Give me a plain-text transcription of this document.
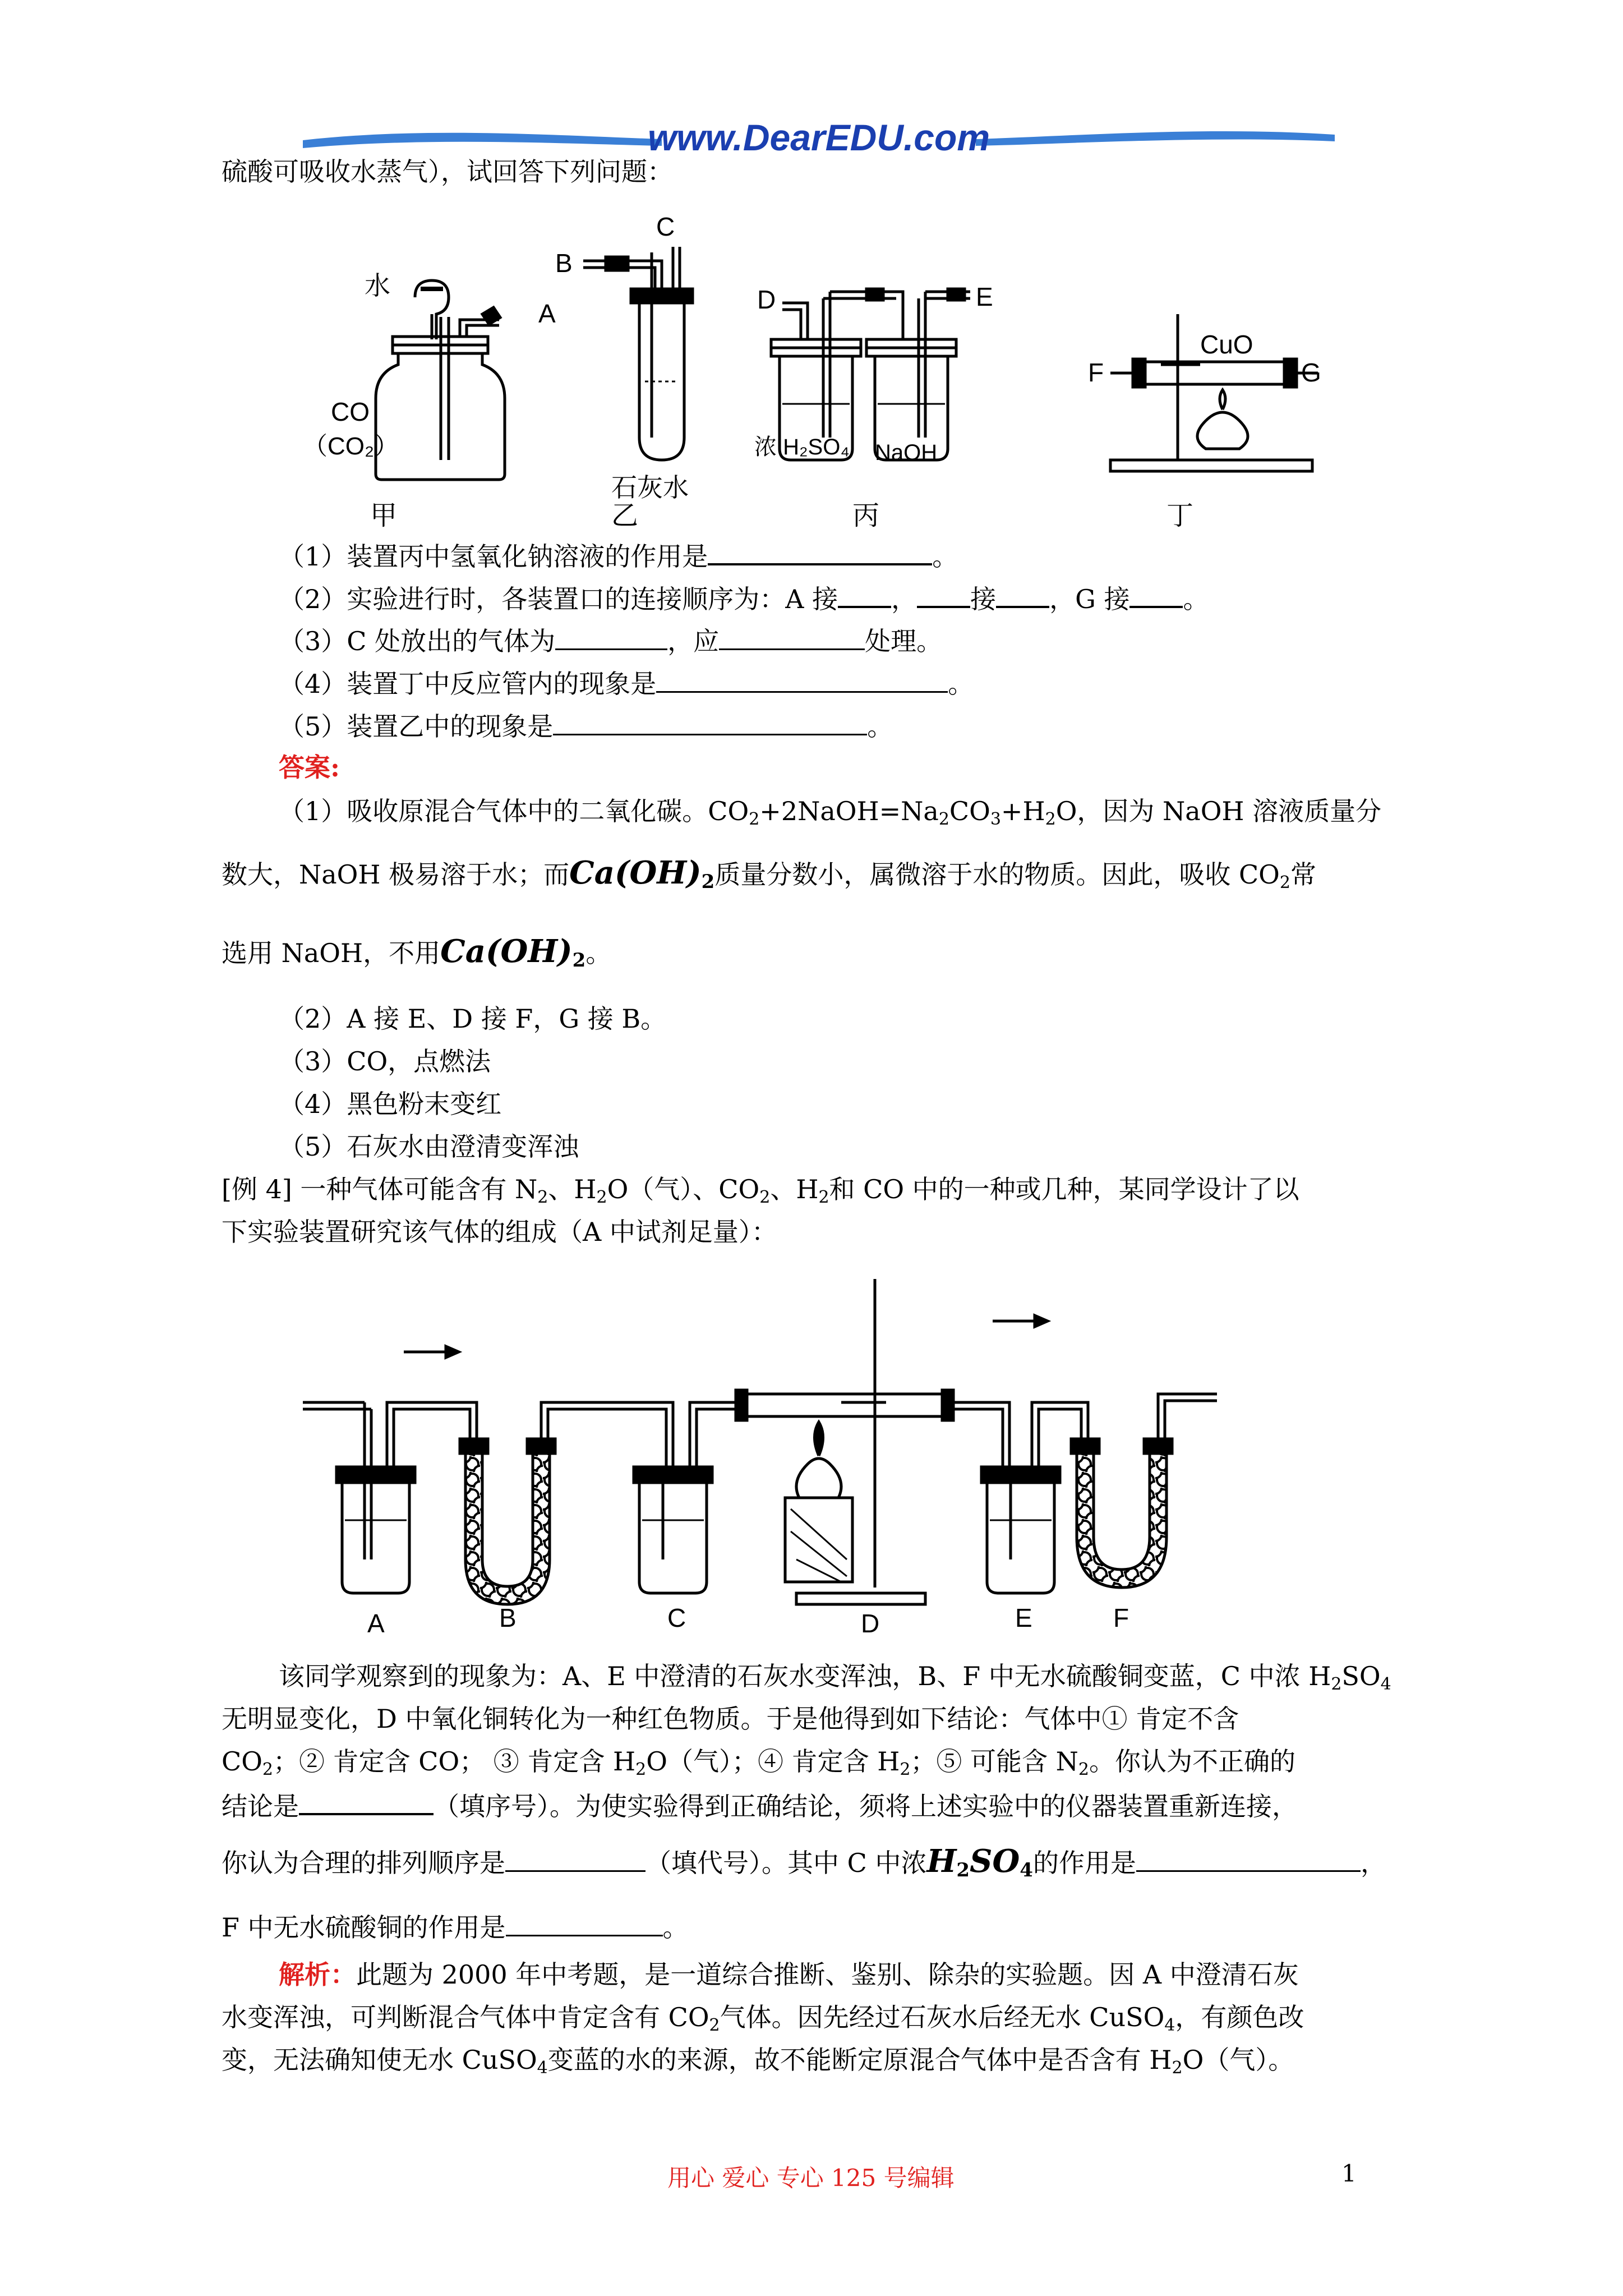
www.DearEDU.com
硫酸可吸收水蒸气），试回答下列问题：
A
水
CO
（CO₂）
B
C
石灰水
D	E
浓 H₂SO₄ NaOH
CuO
F	G
甲	乙	丙	丁
（1）装置丙中氢氧化钠溶液的作用是	。
（2）实验进行时，各装置口的连接顺序为：A 接 ， 接 ，G 接 。
（3）C 处放出的气体为	，应	处理。
（4）装置丁中反应管内的现象是	。
（5）装置乙中的现象是	。
答案:
（1）吸收原混合气体中的二氧化碳。$CO_2+2NaOH=Na_2CO_3+H_2O$，因为 NaOH 溶液质量分
数大，NaOH 极易溶于水；而$Ca(OH)_2$质量分数小，属微溶于水的物质。因此，吸收 $CO_2$常
选用 NaOH，不用$Ca(OH)_2$。
（2）A 接 E、D 接 F，G 接 B。
（3）CO，点燃法
（4）黑色粉末变红
（5）石灰水由澄清变浑浊
[例 4] 一种气体可能含有 $N_2$、$H_2O$（气）、$CO_2$、$H_2$和 CO 中的一种或几种，某同学设计了以
下实验装置研究该气体的组成（A 中试剂足量）：
A	B	C	D	E	F
该同学观察到的现象为：A、E 中澄清的石灰水变浑浊，B、F 中无水硫酸铜变蓝，C 中浓 $H_2SO_4$
无明显变化，D 中氧化铜转化为一种红色物质。于是他得到如下结论：气体中① 肯定不含
$CO_2$；② 肯定含 CO； ③ 肯定含 $H_2O$（气）；④ 肯定含 $H_2$；⑤ 可能含 $N_2$。你认为不正确的
结论是	（填序号）。为使实验得到正确结论，须将上述实验中的仪器装置重新连接，
你认为合理的排列顺序是	（填代号）。其中 C 中浓$H_2SO_4$的作用是	，
F 中无水硫酸铜的作用是	。
解析：此题为 2000 年中考题，是一道综合推断、鉴别、除杂的实验题。因 A 中澄清石灰
水变浑浊，可判断混合气体中肯定含有 $CO_2$气体。因先经过石灰水后经无水 CuSO$_4$，有颜色改
变，无法确知使无水 CuSO$_4$变蓝的水的来源，故不能断定原混合气体中是否含有 $H_2O$（气）。
用心 爱心 专心 125 号编辑	1
